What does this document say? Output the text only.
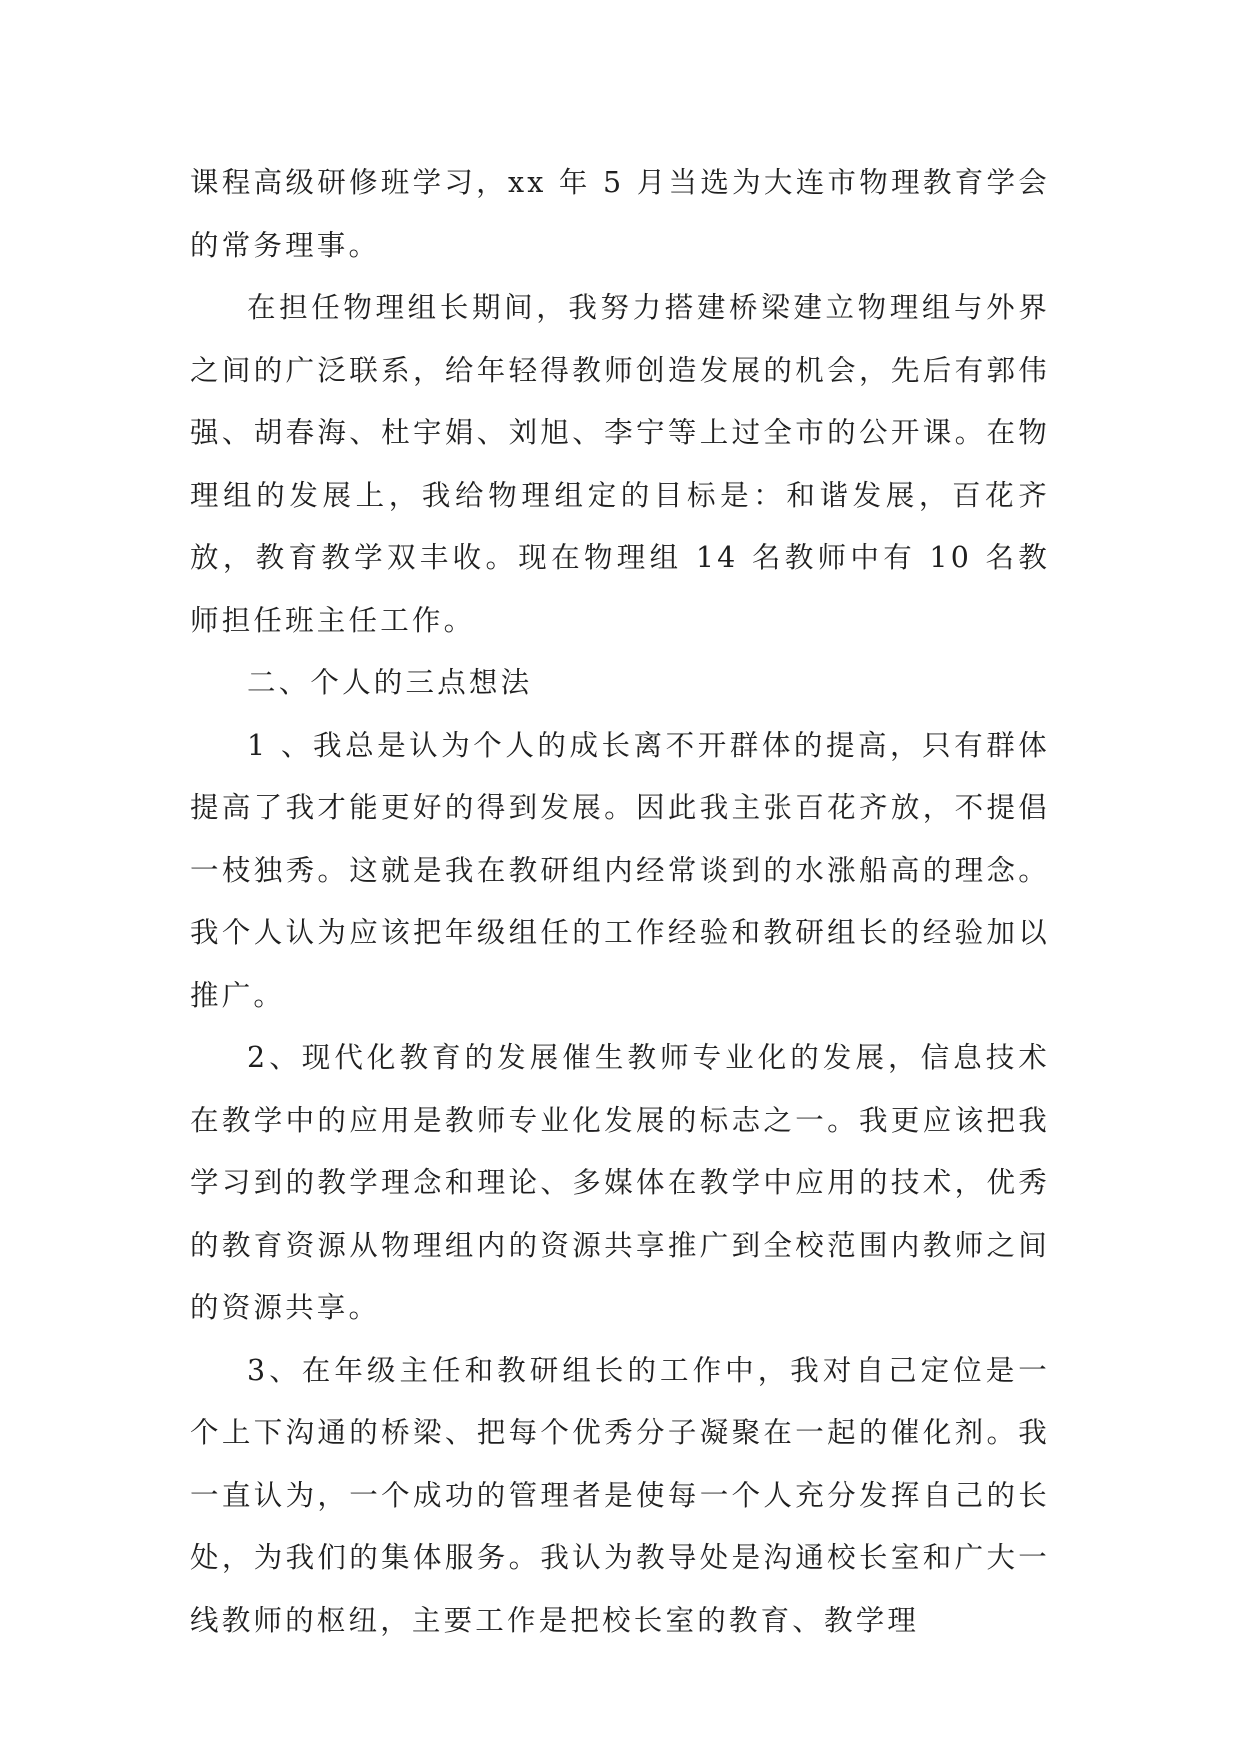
课程高级研修班学习，xx 年 5 月当选为大连市物理教育学会的常务理事。

在担任物理组长期间，我努力搭建桥梁建立物理组与外界之间的广泛联系，给年轻得教师创造发展的机会，先后有郭伟强、胡春海、杜宇娟、刘旭、李宁等上过全市的公开课。在物理组的发展上，我给物理组定的目标是：和谐发展，百花齐放，教育教学双丰收。现在物理组 14 名教师中有 10 名教师担任班主任工作。

二、个人的三点想法

1 、我总是认为个人的成长离不开群体的提高，只有群体提高了我才能更好的得到发展。因此我主张百花齐放，不提倡一枝独秀。这就是我在教研组内经常谈到的水涨船高的理念。我个人认为应该把年级组任的工作经验和教研组长的经验加以推广。

2、现代化教育的发展催生教师专业化的发展，信息技术在教学中的应用是教师专业化发展的标志之一。我更应该把我学习到的教学理念和理论、多媒体在教学中应用的技术，优秀的教育资源从物理组内的资源共享推广到全校范围内教师之间的资源共享。

3、在年级主任和教研组长的工作中，我对自己定位是一个上下沟通的桥梁、把每个优秀分子凝聚在一起的催化剂。我一直认为，一个成功的管理者是使每一个人充分发挥自己的长处，为我们的集体服务。我认为教导处是沟通校长室和广大一线教师的枢纽，主要工作是把校长室的教育、教学理
